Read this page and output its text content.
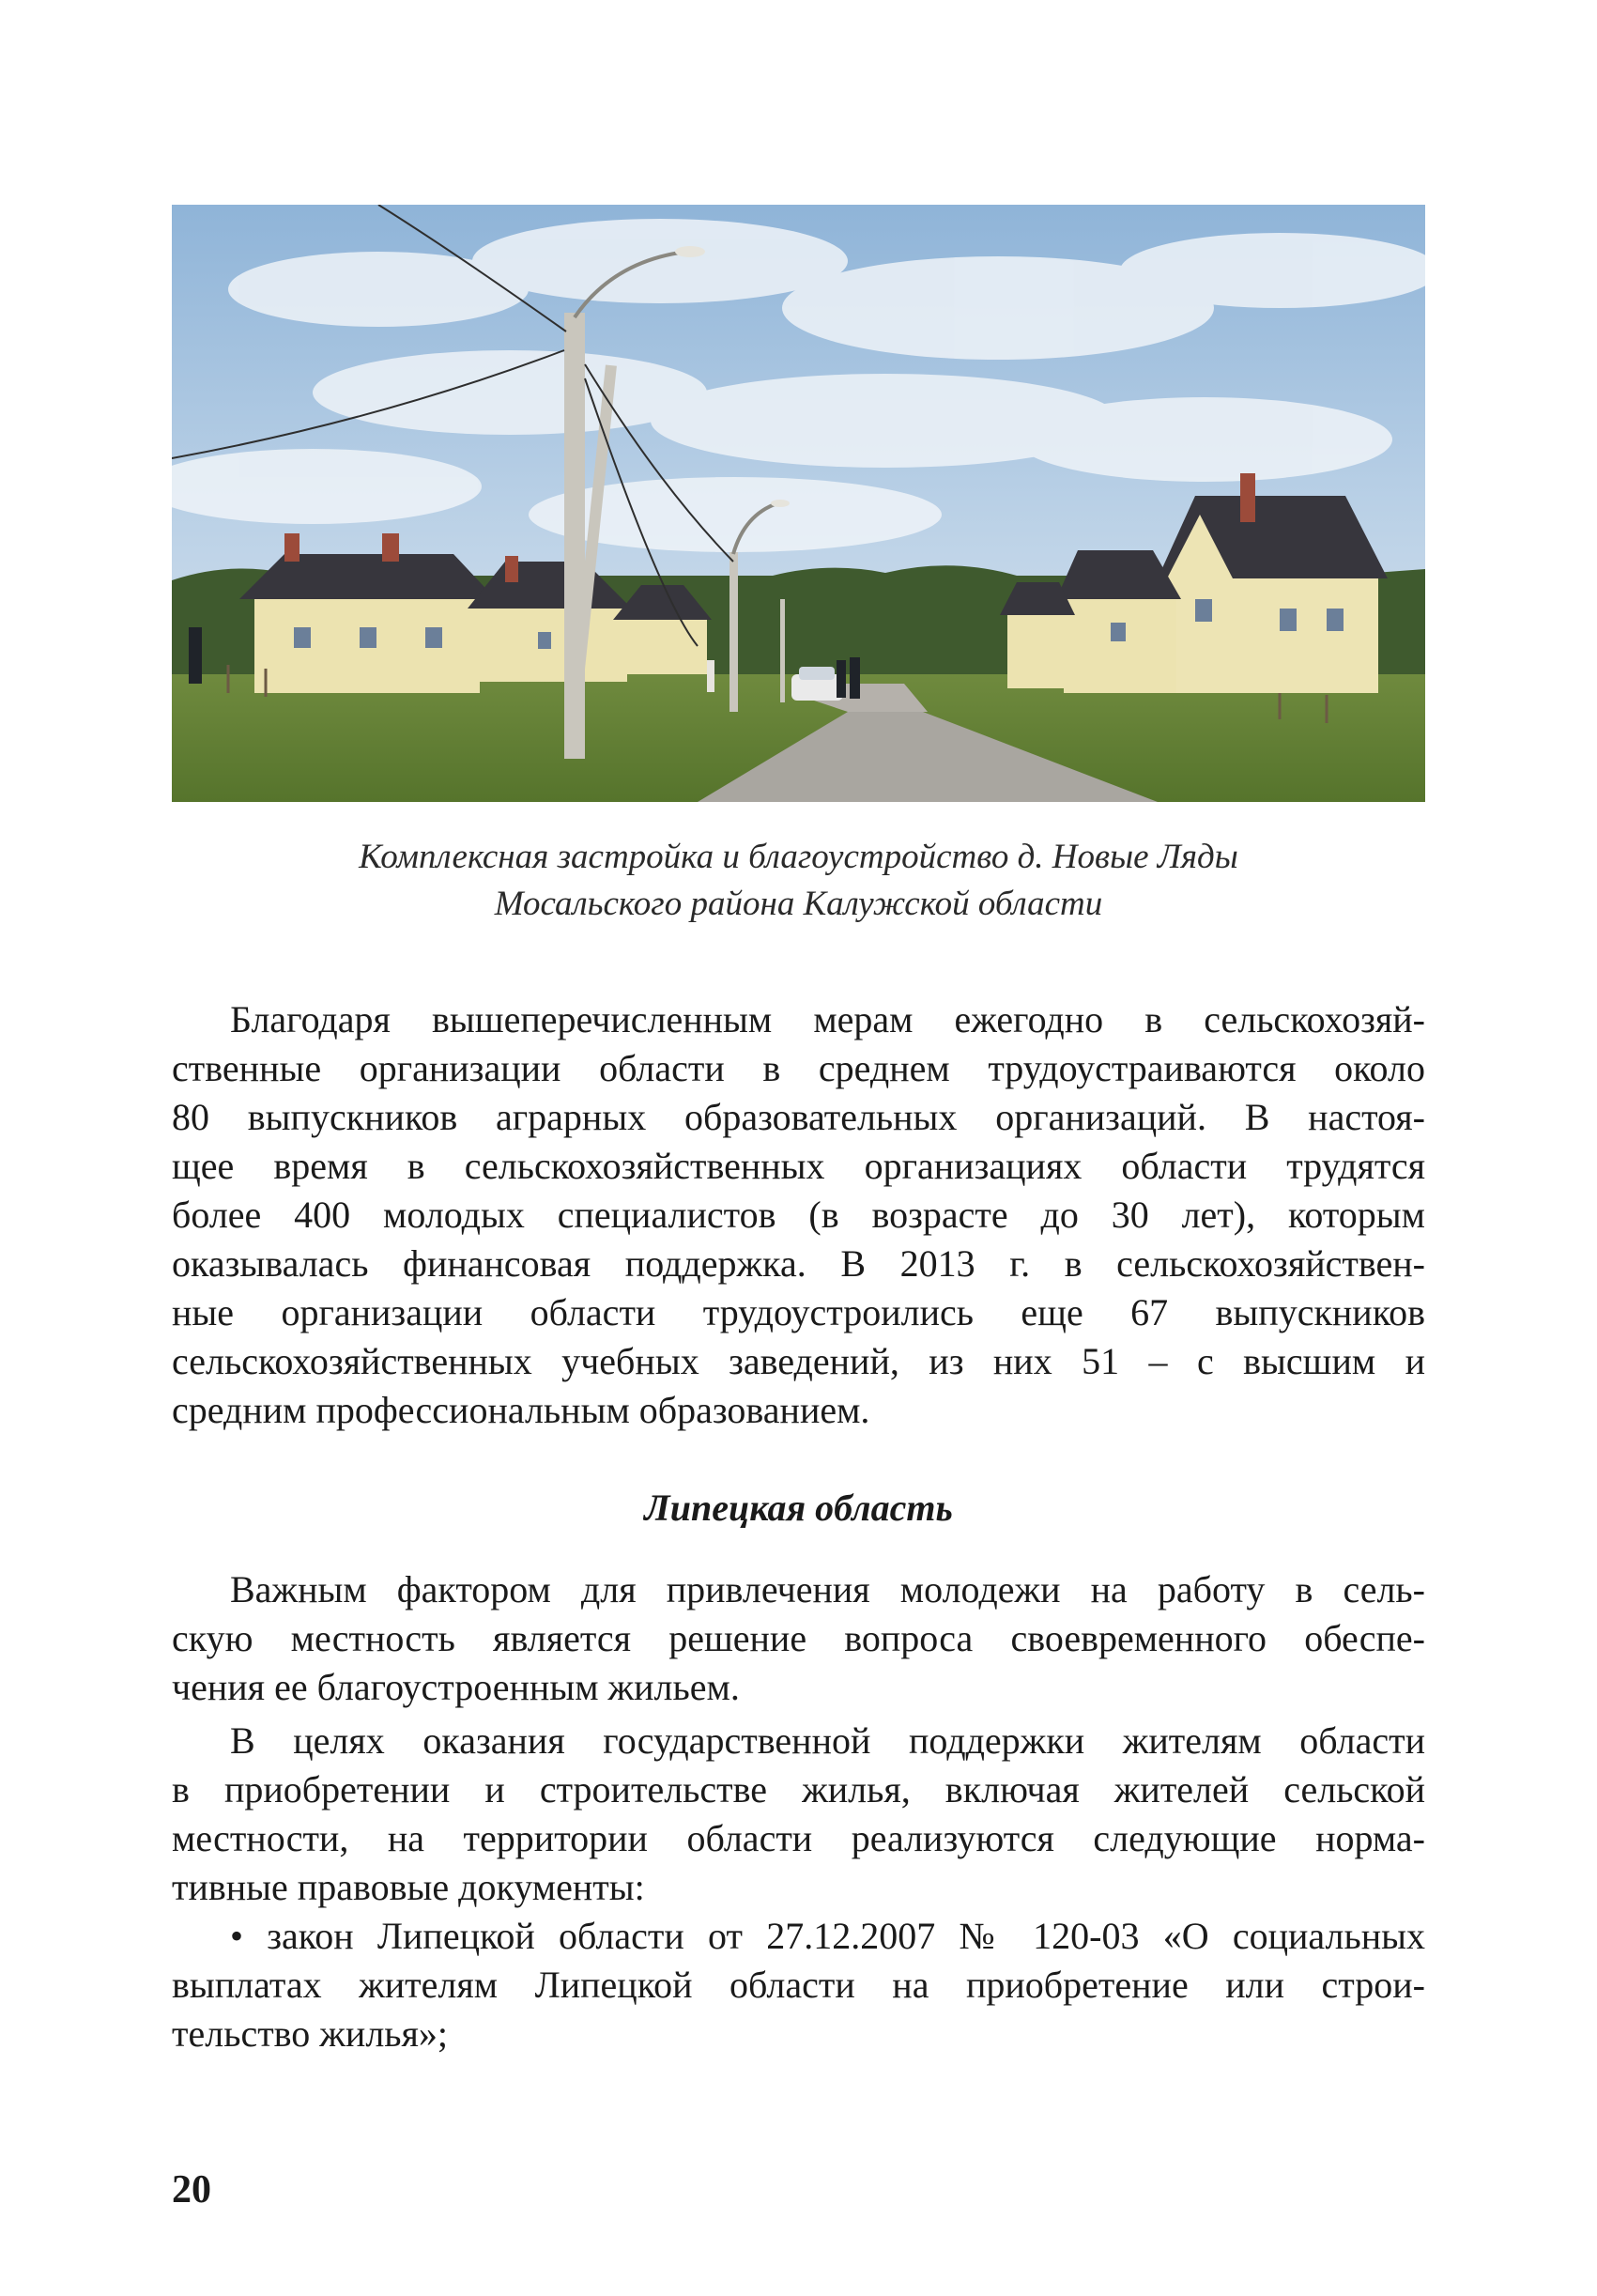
Комплексная застройка и благоустройство д. Новые Ляды
Мосальского района Калужской области
Благодаря вышеперечисленным мерам ежегодно в сельскохозяй-
ственные организации области в среднем трудоустраиваются около
80 выпускников аграрных образовательных организаций. В настоя-
щее время в сельскохозяйственных организациях области трудятся
более 400 молодых специалистов (в возрасте до 30 лет), которым
оказывалась финансовая поддержка. В 2013 г. в сельскохозяйствен-
ные организации области трудоустроились еще 67 выпускников
сельскохозяйственных учебных заведений, из них 51 – с высшим и
средним профессиональным образованием.
Липецкая область
Важным фактором для привлечения молодежи на работу в сель-
скую местность является решение вопроса своевременного обеспе-
чения ее благоустроенным жильем.
В целях оказания государственной поддержки жителям области
в приобретении и строительстве жилья, включая жителей сельской
местности, на территории области реализуются следующие норма-
тивные правовые документы:
• закон Липецкой области от 27.12.2007 № 120-03 «О социальных
выплатах жителям Липецкой области на приобретение или строи-
тельство жилья»;
20
